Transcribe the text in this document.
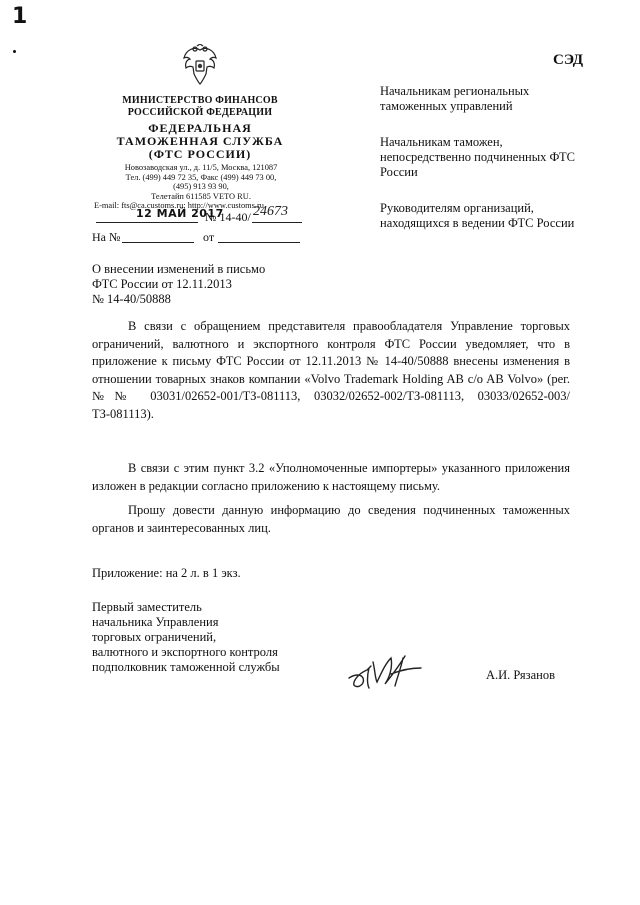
1
СЭД
МИНИСТЕРСТВО ФИНАНСОВ
РОССИЙСКОЙ ФЕДЕРАЦИИ
ФЕДЕРАЛЬНАЯ
ТАМОЖЕННАЯ СЛУЖБА
(ФТС РОССИИ)
Новозаводская ул., д. 11/5, Москва, 121087
Тел. (499) 449 72 35, Факс (499) 449 73 00,
(495) 913 93 90,
Телетайп 611585 VETO RU.
E-mail: fts@ca.customs.ru; http://www.customs.ru
12 МАЙ 2017
№ 14-40/ 24673
На №	от
Начальникам региональных таможенных управлений
Начальникам таможен, непосредственно подчиненных ФТС России
Руководителям организаций, находящихся в ведении ФТС России
О внесении изменений в письмо
ФТС России от 12.11.2013
№ 14-40/50888
В связи с обращением представителя правообладателя Управление торговых ограничений, валютного и экспортного контроля ФТС России уведомляет, что в приложение к письму ФТС России от 12.11.2013 № 14-40/50888 внесены изменения в отношении товарных знаков компании «Volvo Trademark Holding AB c/o AB Volvo» (рег. №№ 03031/02652-001/ТЗ-081113, 03032/02652-002/ТЗ-081113, 03033/02652-003/ТЗ-081113).
В связи с этим пункт 3.2 «Уполномоченные импортеры» указанного приложения изложен в редакции согласно приложению к настоящему письму.
Прошу довести данную информацию до сведения подчиненных таможенных органов и заинтересованных лиц.
Приложение: на 2 л. в 1 экз.
Первый заместитель
начальника Управления
торговых ограничений,
валютного и экспортного контроля
подполковник таможенной службы
А.И. Рязанов
